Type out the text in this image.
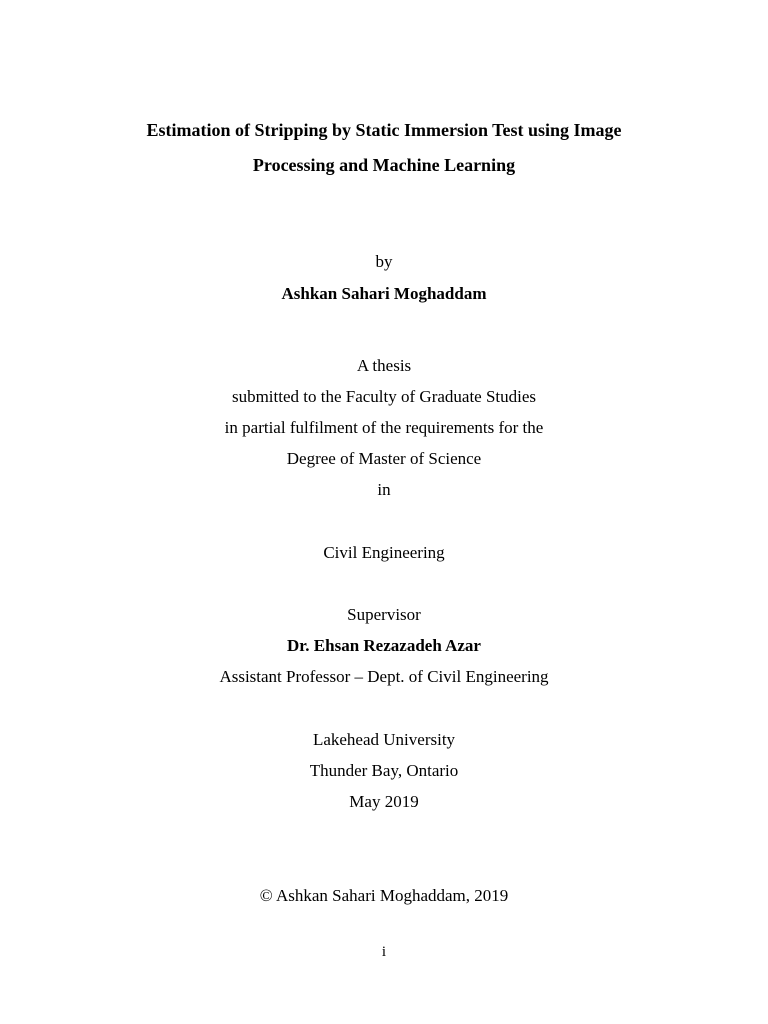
Estimation of Stripping by Static Immersion Test using Image
Processing and Machine Learning
by
Ashkan Sahari Moghaddam
A thesis
submitted to the Faculty of Graduate Studies
in partial fulfilment of the requirements for the
Degree of Master of Science
in
Civil Engineering
Supervisor
Dr. Ehsan Rezazadeh Azar
Assistant Professor – Dept. of Civil Engineering
Lakehead University
Thunder Bay, Ontario
May 2019
© Ashkan Sahari Moghaddam, 2019
i
